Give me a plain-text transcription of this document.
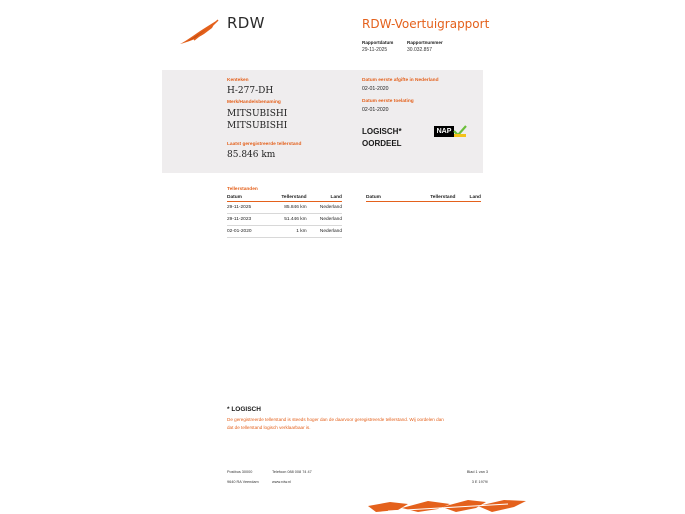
RDW	RDW-Voertuigrapport
Rapportdatum
29-11-2025
Rapportnummer
30.032.857
Kenteken
H-277-DH
Merk/Handelsbenaming
MITSUBISHI
MITSUBISHI
Laatst geregistreerde tellerstand
85.846 km
Datum eerste afgifte in Nederland
02-01-2020
Datum eerste toelating
02-01-2020
LOGISCH*
OORDEEL
NAP
Tellerstanden
Datum	Tellerstand	Land
29-11-2025	85.846 km	Nederland
29-11-2023	51.446 km	Nederland
02-01-2020	1 km	Nederland
Datum	Tellerstand	Land
* LOGISCH
De geregistreerde tellerstand is steeds hoger dan de daarvoor geregistreerde tellerstand. Wij oordelen dan
dat de tellerstand logisch verklaarbaar is.
Postbus 30000
9640 RA Veendam
Telefoon 088 008 74 47
www.rdw.nl
Blad 1 van 3
3 E 1979/
